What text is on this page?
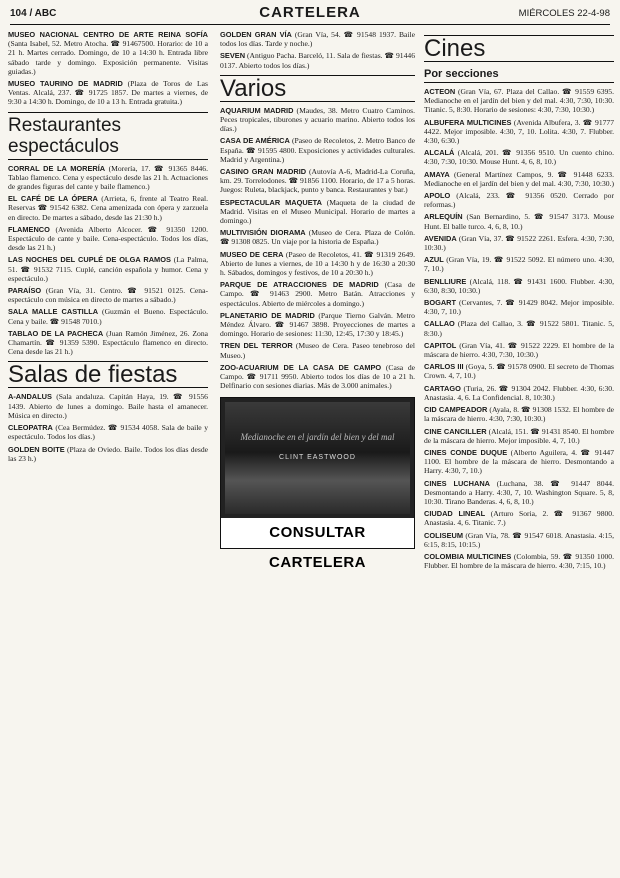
104 / ABC	CARTELERA	MIÉRCOLES 22-4-98

MUSEO NACIONAL CENTRO DE ARTE REINA SOFÍA (Santa Isabel, 52. Metro Atocha. ☎ 91467500. Horario: de 10 a 21 h. Martes cerrado. Domingo, de 10 a 14:30 h. Entrada libre sábado tarde y domingo. Exposición permanente. Visitas guiadas.)

MUSEO TAURINO DE MADRID (Plaza de Toros de Las Ventas. Alcalá, 237. ☎ 91725 1857. De martes a viernes, de 9:30 a 14:30 h. Domingo, de 10 a 13 h. Entrada gratuita.)

Restaurantes espectáculos

CORRAL DE LA MORERÍA (Morería, 17. ☎ 91365 8446. Tablao flamenco. Cena y espectáculo desde las 21 h. Actuaciones de grandes figuras del cante y baile flamenco.)

EL CAFÉ DE LA ÓPERA (Arrieta, 6, frente al Teatro Real. Reservas ☎ 91542 6382. Cena amenizada con ópera y zarzuela en directo. De martes a sábado, desde las 21:30 h.)

FLAMENCO (Avenida Alberto Alcocer. ☎ 91350 1200. Espectáculo de cante y baile. Cena-espectáculo. Todos los días, desde las 21 h.)

LAS NOCHES DEL CUPLÉ DE OLGA RAMOS (La Palma, 51. ☎ 91532 7115. Cuplé, canción española y humor. Cena y espectáculo.)

PARAÍSO (Gran Vía, 31. Centro. ☎ 91521 0125. Cena-espectáculo con música en directo de martes a sábado.)

SALA MALLE CASTILLA (Guzmán el Bueno. Espectáculo. Cena y baile. ☎ 91548 7010.)

TABLAO DE LA PACHECA (Juan Ramón Jiménez, 26. Zona Chamartín. ☎ 91359 5390. Espectáculo flamenco en directo. Cena desde las 21 h.)

Salas de fiestas

A-ANDALUS (Sala andaluza. Capitán Haya, 19. ☎ 91556 1439. Abierto de lunes a domingo. Baile hasta el amanecer. Música en directo.)

CLEOPATRA (Cea Bermúdez. ☎ 91534 4058. Sala de baile y espectáculo. Todos los días.)

GOLDEN BOITE (Plaza de Oviedo. Baile. Todos los días desde las 23 h.)

GOLDEN GRAN VÍA (Gran Vía, 54. ☎ 91548 1937. Baile todos los días. Tarde y noche.)

SEVEN (Antiguo Pacha. Barceló, 11. Sala de fiestas. ☎ 91446 0137. Abierto todos los días.)

Varios

AQUARIUM MADRID (Maudes, 38. Metro Cuatro Caminos. Peces tropicales, tiburones y acuario marino. Abierto todos los días.)

CASA DE AMÉRICA (Paseo de Recoletos, 2. Metro Banco de España. ☎ 91595 4800. Exposiciones y actividades culturales. Madrid y Argentina.)

CASINO GRAN MADRID (Autovía A-6, Madrid-La Coruña, km. 29. Torrelodones. ☎ 91856 1100. Horario, de 17 a 5 horas. Juegos: Ruleta, blackjack, punto y banca. Restaurantes y bar.)

ESPECTACULAR MAQUETA (Maqueta de la ciudad de Madrid. Visitas en el Museo Municipal. Horario de martes a domingo.)

MULTIVISIÓN DIORAMA (Museo de Cera. Plaza de Colón. ☎ 91308 0825. Un viaje por la historia de España.)

MUSEO DE CERA (Paseo de Recoletos, 41. ☎ 91319 2649. Abierto de lunes a viernes, de 10 a 14:30 h y de 16:30 a 20:30 h. Sábados, domingos y festivos, de 10 a 20:30 h.)

PARQUE DE ATRACCIONES DE MADRID (Casa de Campo. ☎ 91463 2900. Metro Batán. Atracciones y espectáculos. Abierto de miércoles a domingo.)

PLANETARIO DE MADRID (Parque Tierno Galván. Metro Méndez Álvaro. ☎ 91467 3898. Proyecciones de martes a domingo. Horario de sesiones: 11:30, 12:45, 17:30 y 18:45.)

TREN DEL TERROR (Museo de Cera. Paseo tenebroso del Museo.)

ZOO-ACUARIUM DE LA CASA DE CAMPO (Casa de Campo. ☎ 91711 9950. Abierto todos los días de 10 a 21 h. Delfinario con sesiones diarias. Más de 3.000 animales.)

Medianoche en el jardín del bien y del mal
CLINT EASTWOOD
CONSULTAR CARTELERA
Cines
Por secciones

ACTEON (Gran Vía, 67. Plaza del Callao. ☎ 91559 6395. Medianoche en el jardín del bien y del mal. 4:30, 7:30, 10:30. Titanic. 5, 8:30. Horario de sesiones: 4:30, 7:30, 10:30.)

ALBUFERA MULTICINES (Avenida Albufera, 3. ☎ 91777 4422. Mejor imposible. 4:30, 7, 10. Lolita. 4:30, 7. Flubber. 4:30, 6:30.)

ALCALÁ (Alcalá, 201. ☎ 91356 9510. Un cuento chino. 4:30, 7:30, 10:30. Mouse Hunt. 4, 6, 8, 10.)

AMAYA (General Martínez Campos, 9. ☎ 91448 6233. Medianoche en el jardín del bien y del mal. 4:30, 7:30, 10:30.)

APOLO (Alcalá, 233. ☎ 91356 0520. Cerrado por reformas.)

ARLEQUÍN (San Bernardino, 5. ☎ 91547 3173. Mouse Hunt. El balle turco. 4, 6, 8, 10.)

AVENIDA (Gran Vía, 37. ☎ 91522 2261. Esfera. 4:30, 7:30, 10:30.)

AZUL (Gran Vía, 19. ☎ 91522 5092. El número uno. 4:30, 7, 10.)

BENLLIURE (Alcalá, 118. ☎ 91431 1600. Flubber. 4:30, 6:30, 8:30, 10:30.)

BOGART (Cervantes, 7. ☎ 91429 8042. Mejor imposible. 4:30, 7, 10.)

CALLAO (Plaza del Callao, 3. ☎ 91522 5801. Titanic. 5, 8:30.)

CAPITOL (Gran Vía, 41. ☎ 91522 2229. El hombre de la máscara de hierro. 4:30, 7:30, 10:30.)

CARLOS III (Goya, 5. ☎ 91578 0900. El secreto de Thomas Crown. 4, 7, 10.)

CARTAGO (Turia, 26. ☎ 91304 2042. Flubber. 4:30, 6:30. Anastasia. 4, 6. La Confidencial. 8, 10:30.)

CID CAMPEADOR (Ayala, 8. ☎ 91308 1532. El hombre de la máscara de hierro. 4:30, 7:30, 10:30.)

CINE CANCILLER (Alcalá, 151. ☎ 91431 8540. El hombre de la máscara de hierro. Mejor imposible. 4, 7, 10.)

CINES CONDE DUQUE (Alberto Aguilera, 4. ☎ 91447 1100. El hombre de la máscara de hierro. Desmontando a Harry. 4:30, 7, 10.)

CINES LUCHANA (Luchana, 38. ☎ 91447 8044. Desmontando a Harry. 4:30, 7, 10. Washington Square. 5, 8, 10:30. Tirano Banderas. 4, 6, 8, 10.)

CIUDAD LINEAL (Arturo Soria, 2. ☎ 91367 9800. Anastasia. 4, 6. Titanic. 7.)

COLISEUM (Gran Vía, 78. ☎ 91547 6018. Anastasia. 4:15, 6:15, 8:15, 10:15.)

COLOMBIA MULTICINES (Colombia, 59. ☎ 91350 1000. Flubber. El hombre de la máscara de hierro. 4:30, 7:15, 10.)
